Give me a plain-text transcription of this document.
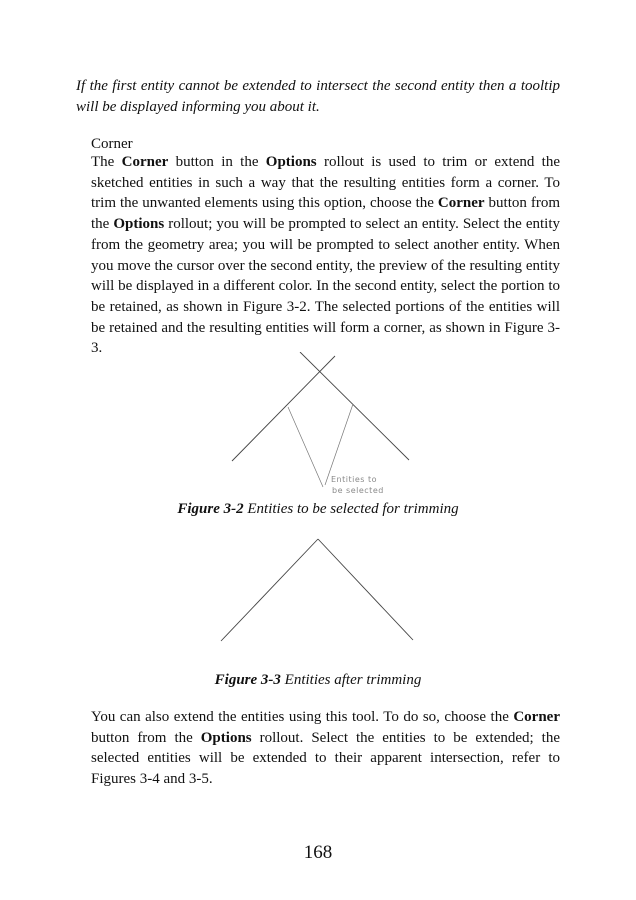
If the first entity cannot be extended to intersect the second entity then a tooltip will be displayed informing you about it.

Corner

The Corner button in the Options rollout is used to trim or extend the sketched entities in such a way that the resulting entities form a corner. To trim the unwanted elements using this option, choose the Corner button from the Options rollout; you will be prompted to select an entity. Select the entity from the geometry area; you will be prompted to select another entity. When you move the cursor over the second entity, the preview of the resulting entity will be displayed in a different color. In the second entity, select the portion to be retained, as shown in Figure 3-2. The selected portions of the entities will be retained and the resulting entities will form a corner, as shown in Figure 3-3.

Entities to
be selected

Figure 3-2 Entities to be selected for trimming

Figure 3-3 Entities after trimming

You can also extend the entities using this tool. To do so, choose the Corner button from the Options rollout. Select the entities to be extended; the selected entities will be extended to their apparent intersection, refer to Figures 3-4 and 3-5.

168
